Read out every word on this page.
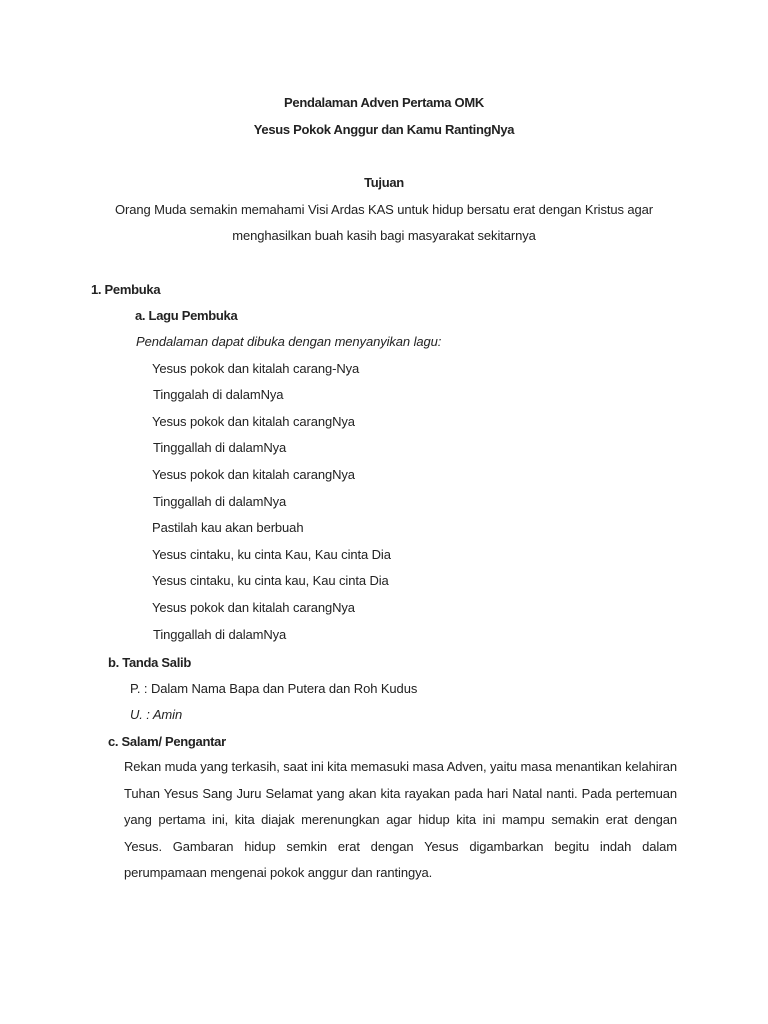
Pendalaman Adven Pertama OMK
Yesus Pokok Anggur dan Kamu RantingNya
Tujuan
Orang Muda semakin memahami Visi Ardas KAS untuk hidup bersatu erat dengan Kristus agar
menghasilkan buah kasih bagi masyarakat sekitarnya
1. Pembuka
a. Lagu Pembuka
Pendalaman dapat dibuka dengan menyanyikan lagu:
Yesus pokok dan kitalah carang-Nya
Tinggalah di dalamNya
Yesus pokok dan kitalah carangNya
Tinggallah di dalamNya
Yesus pokok dan kitalah carangNya
Tinggallah di dalamNya
Pastilah kau akan berbuah
Yesus cintaku, ku cinta Kau, Kau cinta Dia
Yesus cintaku, ku cinta kau, Kau cinta Dia
Yesus pokok dan kitalah carangNya
Tinggallah di dalamNya
b. Tanda Salib
P. : Dalam Nama Bapa dan Putera dan Roh Kudus
U. : Amin
c. Salam/ Pengantar
Rekan muda yang terkasih, saat ini kita memasuki masa Adven, yaitu masa menantikan kelahiran Tuhan Yesus Sang Juru Selamat yang akan kita rayakan pada hari Natal nanti. Pada pertemuan yang pertama ini, kita diajak merenungkan agar hidup kita ini mampu semakin erat dengan Yesus. Gambaran hidup semkin erat dengan Yesus digambarkan begitu indah dalam perumpamaan mengenai pokok anggur dan rantingya.
